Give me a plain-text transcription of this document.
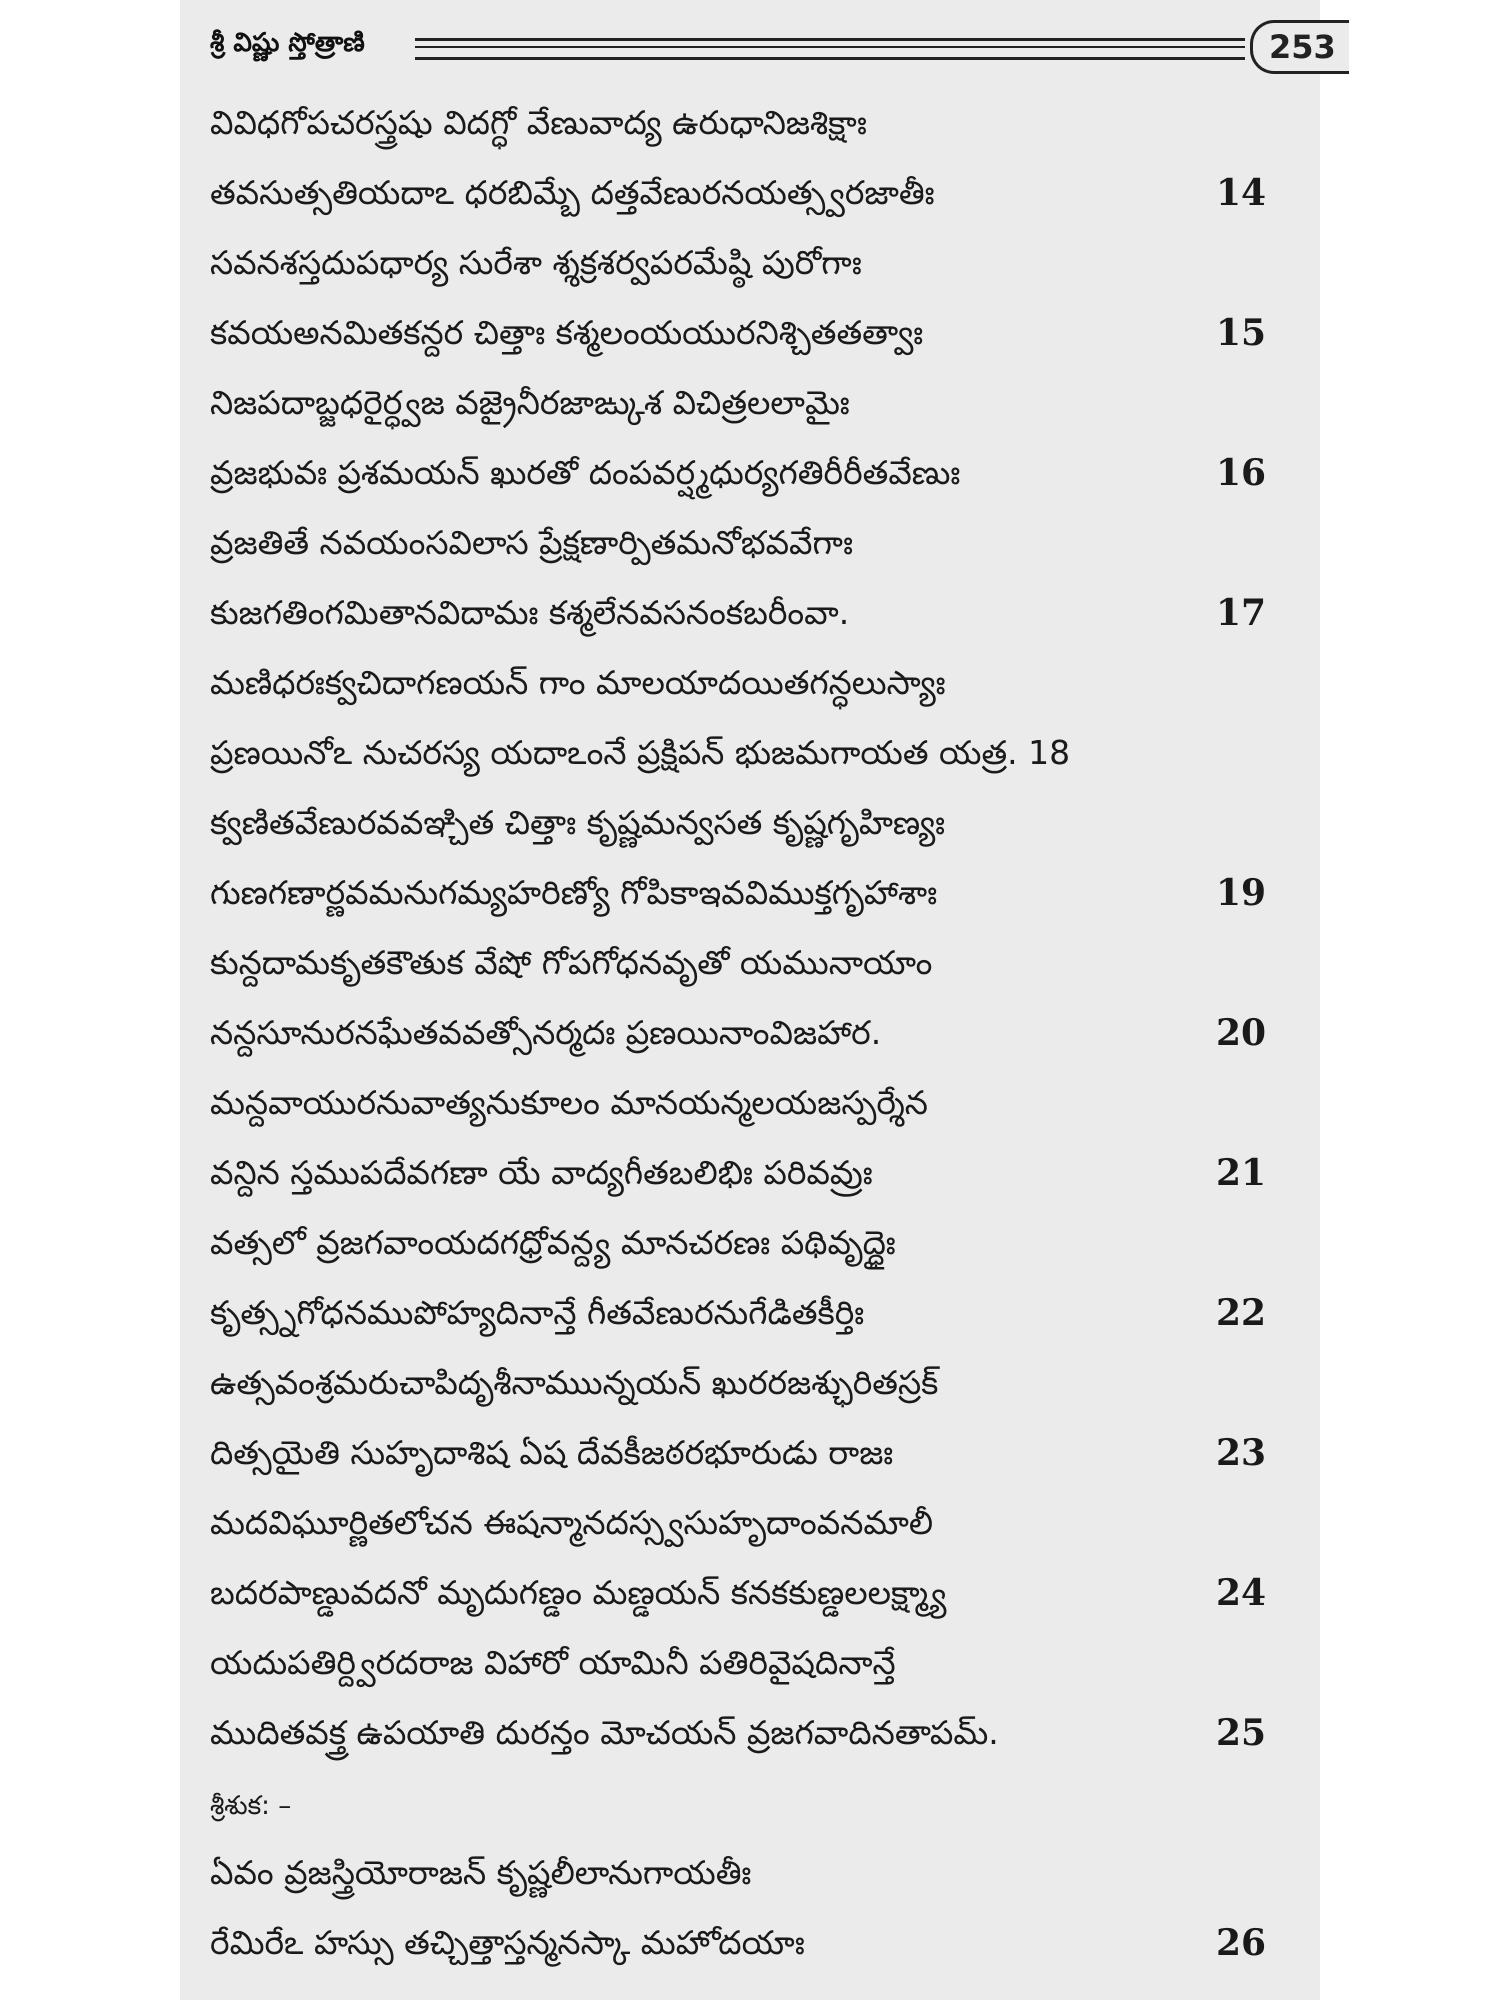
శ్రీ విష్ణు స్తోత్రాణి	253
వివిధగోపచరస్త్రషు విదగ్ధో వేణువాద్య ఉరుధానిజశిక్షాః
తవసుత్సతియదాఽ ధరబిమ్బే దత్తవేణురనయత్స్వరజాతీః	14
సవనశస్తదుపధార్య సురేశా శ్శక్రశర్వపరమేష్ఠి పురోగాః
కవయఅనమితకన్దర చిత్తాః కశ్మలంయయురనిశ్చితతత్వాః	15
నిజపదాబ్జధరైర్ధ్వజ వజ్రైనీరజాఙ్కుశ విచిత్రలలామైః
వ్రజభువః ప్రశమయన్ ఖురతో దంపవర్ష్మధుర్యగతిరీరీతవేణుః	16
వ్రజతితే నవయంసవిలాస ప్రేక్షణార్పితమనోభవవేగాః
కుజగతింగమితానవిదామః కశ్మలేనవసనంకబరీంవా.	17
మణిధరఃక్వచిదాగణయన్ గాం మాలయాదయితగన్ధలుస్యాః
ప్రణయినోఽ నుచరస్య యదాఽంనే ప్రక్షిపన్ భుజమగాయత యత్ర. 18
క్వణితవేణురవవఞ్చిత చిత్తాః కృష్ణమన్వసత కృష్ణగృహిణ్యః
గుణగణార్ణవమనుగమ్యహరిణ్యో గోపికాఇవవిముక్తగృహాశాః	19
కున్దదామకృతకౌతుక వేషో గోపగోధనవృతో యమునాయాం
నన్దసూనురనఘేతవవత్సోనర్మదః ప్రణయినాంవిజహార.	20
మన్దవాయురనువాత్యనుకూలం మానయన్మలయజస్పర్శేన
వన్దిన స్తముపదేవగణా యే వాద్యగీతబలిభిః పరివవ్రుః	21
వత్సలో వ్రజగవాంయదగధ్రోవన్ద్య మానచరణః పథివృద్ధైః
కృత్స్నగోధనముపోహ్యదినాన్తే గీతవేణురనుగేడితకీర్తిః	22
ఉత్సవంశ్రమరుచాపిదృశీనాముున్నయన్ ఖురరజశ్ఛురితస్రక్
దిత్సయైతి సుహృదాశిష ఏష దేవకీజఠరభూరుడు రాజః	23
మదవిఘూర్ణితలోచన ఈషన్మానదస్స్వసుహృదాంవనమాలీ
బదరపాణ్డువదనో మృదుగణ్డం మణ్డయన్ కనకకుణ్డలలక్ష్మ్యా	24
యదుపతిర్ద్విరదరాజ విహారో యామినీ పతిరివైషదినాన్తే
ముదితవక్త్ర ఉపయాతి దురన్తం మోచయన్ వ్రజగవాదినతాపమ్.	25
శ్రీశుక: –
ఏవం వ్రజస్త్రియోరాజన్ కృష్ణలీలానుగాయతీః
రేమిరేఽ హస్సు తచ్చిత్తాస్తన్మనస్కా మహోదయాః	26
